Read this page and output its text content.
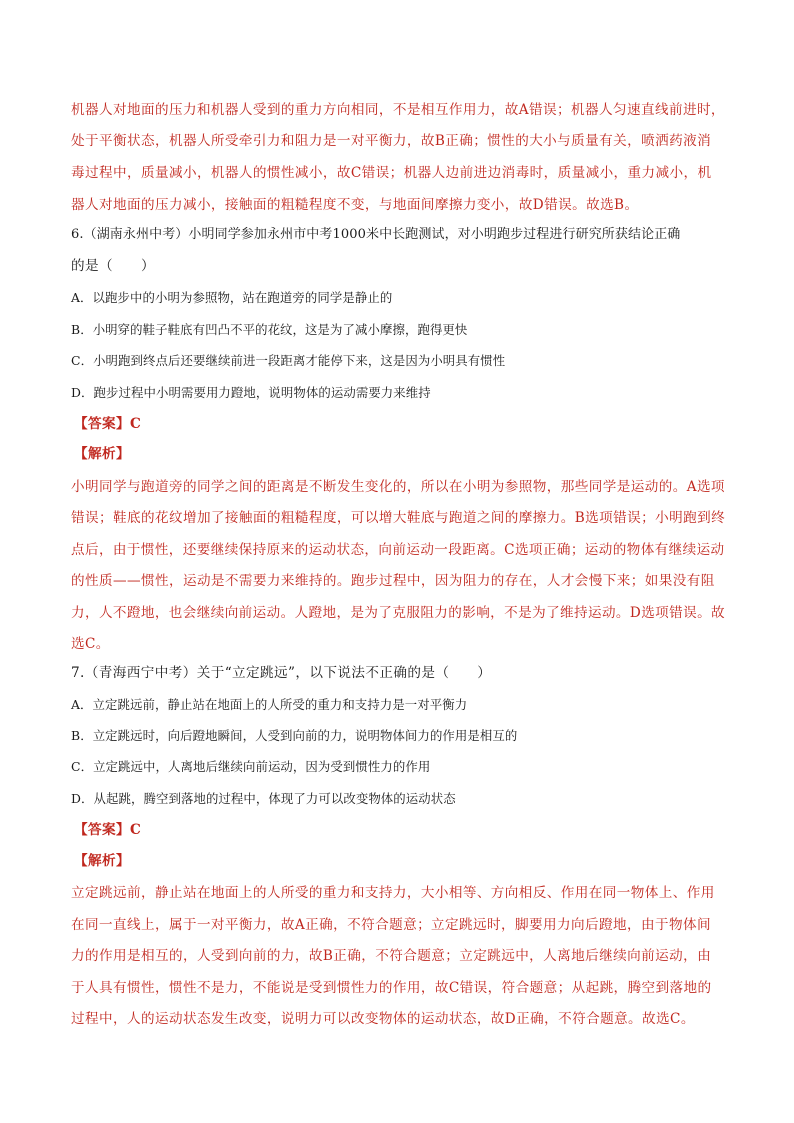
机器人对地面的压力和机器人受到的重力方向相同，不是相互作用力，故A错误；机器人匀速直线前进时，
处于平衡状态，机器人所受牵引力和阻力是一对平衡力，故B正确；惯性的大小与质量有关，喷洒药液消
毒过程中，质量减小，机器人的惯性减小，故C错误；机器人边前进边消毒时，质量减小，重力减小，机
器人对地面的压力减小，接触面的粗糙程度不变，与地面间摩擦力变小，故D错误。故选B。
6.（湖南永州中考）小明同学参加永州市中考1000米中长跑测试，对小明跑步过程进行研究所获结论正确
的是（　　）
A．以跑步中的小明为参照物，站在跑道旁的同学是静止的
B．小明穿的鞋子鞋底有凹凸不平的花纹，这是为了减小摩擦，跑得更快
C．小明跑到终点后还要继续前进一段距离才能停下来，这是因为小明具有惯性
D．跑步过程中小明需要用力蹬地，说明物体的运动需要力来维持
【答案】C
【解析】
小明同学与跑道旁的同学之间的距离是不断发生变化的，所以在小明为参照物，那些同学是运动的。A选项
错误；鞋底的花纹增加了接触面的粗糙程度，可以增大鞋底与跑道之间的摩擦力。B选项错误；小明跑到终
点后，由于惯性，还要继续保持原来的运动状态，向前运动一段距离。C选项正确；运动的物体有继续运动
的性质——惯性，运动是不需要力来维持的。跑步过程中，因为阻力的存在，人才会慢下来；如果没有阻
力，人不蹬地，也会继续向前运动。人蹬地，是为了克服阻力的影响，不是为了维持运动。D选项错误。故
选C。
7.（青海西宁中考）关于“立定跳远”，以下说法不正确的是（　　）
A．立定跳远前，静止站在地面上的人所受的重力和支持力是一对平衡力
B．立定跳远时，向后蹬地瞬间，人受到向前的力，说明物体间力的作用是相互的
C．立定跳远中，人离地后继续向前运动，因为受到惯性力的作用
D．从起跳，腾空到落地的过程中，体现了力可以改变物体的运动状态
【答案】C
【解析】
立定跳远前，静止站在地面上的人所受的重力和支持力，大小相等、方向相反、作用在同一物体上、作用
在同一直线上，属于一对平衡力，故A正确，不符合题意；立定跳远时，脚要用力向后蹬地，由于物体间
力的作用是相互的，人受到向前的力，故B正确，不符合题意；立定跳远中，人离地后继续向前运动，由
于人具有惯性，惯性不是力，不能说是受到惯性力的作用，故C错误，符合题意；从起跳，腾空到落地的
过程中，人的运动状态发生改变，说明力可以改变物体的运动状态，故D正确，不符合题意。故选C。
